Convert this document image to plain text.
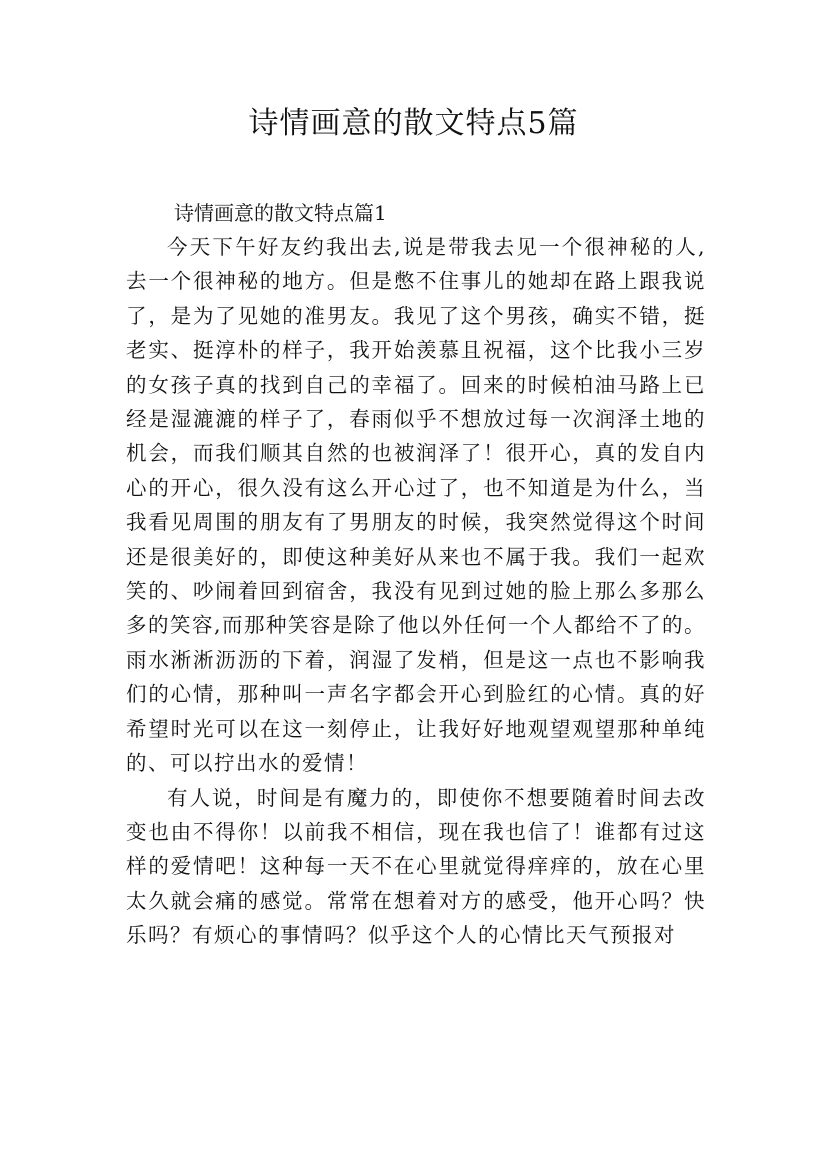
诗情画意的散文特点5篇

诗情画意的散文特点篇1

今天下午好友约我出去,说是带我去见一个很神秘的人,去一个很神秘的地方。但是憋不住事儿的她却在路上跟我说了，是为了见她的准男友。我见了这个男孩，确实不错，挺老实、挺淳朴的样子，我开始羡慕且祝福，这个比我小三岁的女孩子真的找到自己的幸福了。回来的时候柏油马路上已经是湿漉漉的样子了，春雨似乎不想放过每一次润泽土地的机会，而我们顺其自然的也被润泽了！很开心，真的发自内心的开心，很久没有这么开心过了，也不知道是为什么，当我看见周围的朋友有了男朋友的时候，我突然觉得这个时间还是很美好的，即使这种美好从来也不属于我。我们一起欢笑的、吵闹着回到宿舍，我没有见到过她的脸上那么多那么多的笑容,而那种笑容是除了他以外任何一个人都给不了的。雨水淅淅沥沥的下着，润湿了发梢，但是这一点也不影响我们的心情，那种叫一声名字都会开心到脸红的心情。真的好希望时光可以在这一刻停止，让我好好地观望观望那种单纯的、可以拧出水的爱情！

有人说，时间是有魔力的，即使你不想要随着时间去改变也由不得你！以前我不相信，现在我也信了！谁都有过这样的爱情吧！这种每一天不在心里就觉得痒痒的，放在心里太久就会痛的感觉。常常在想着对方的感受，他开心吗？快乐吗？有烦心的事情吗？似乎这个人的心情比天气预报对
